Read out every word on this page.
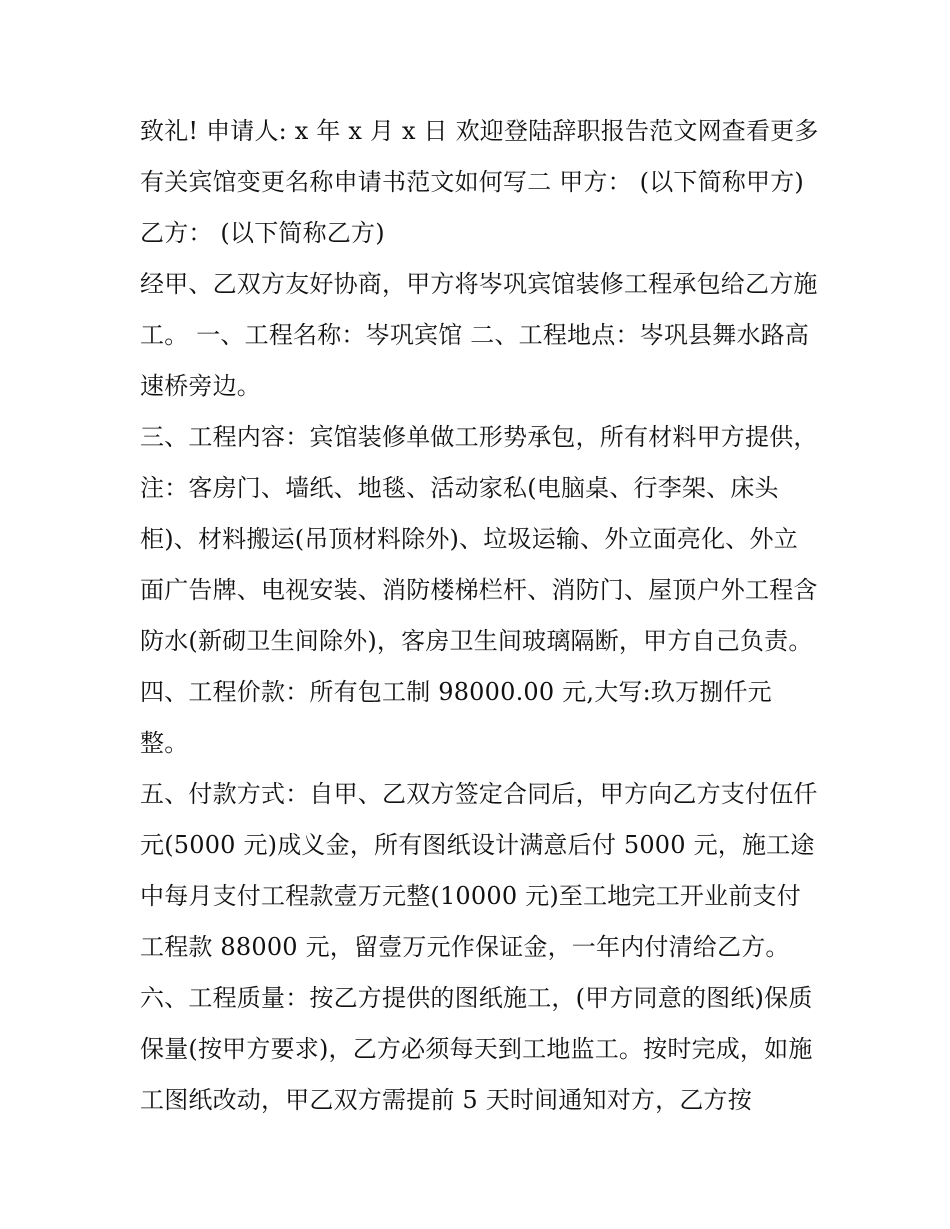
致礼! 申请人: x 年 x 月 x 日 欢迎登陆辞职报告范文网查看更多有关宾馆变更名称申请书范文如何写二 甲方： (以下简称甲方) 乙方： (以下简称乙方)

经甲、乙双方友好协商，甲方将岑巩宾馆装修工程承包给乙方施工。 一、工程名称：岑巩宾馆 二、工程地点：岑巩县舞水路高速桥旁边。

三、工程内容：宾馆装修单做工形势承包，所有材料甲方提供，注：客房门、墙纸、地毯、活动家私(电脑桌、行李架、床头柜)、材料搬运(吊顶材料除外)、垃圾运输、外立面亮化、外立面广告牌、电视安装、消防楼梯栏杆、消防门、屋顶户外工程含防水(新砌卫生间除外)，客房卫生间玻璃隔断，甲方自己负责。

四、工程价款：所有包工制 98000.00 元,大写:玖万捌仟元整。

五、付款方式：自甲、乙双方签定合同后，甲方向乙方支付伍仟元(5000 元)成义金，所有图纸设计满意后付 5000 元，施工途中每月支付工程款壹万元整(10000 元)至工地完工开业前支付工程款 88000 元，留壹万元作保证金，一年内付清给乙方。

六、工程质量：按乙方提供的图纸施工，(甲方同意的图纸)保质保量(按甲方要求)，乙方必须每天到工地监工。按时完成，如施工图纸改动，甲乙双方需提前 5 天时间通知对方，乙方按
